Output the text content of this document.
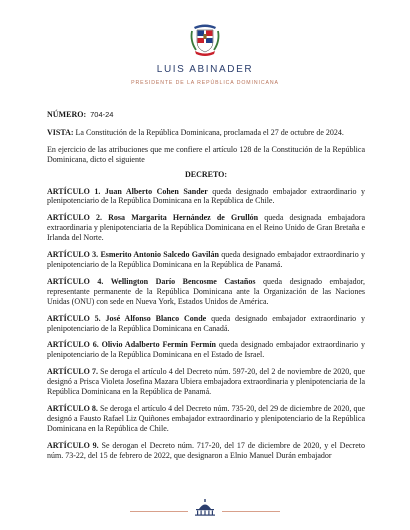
LUIS ABINADER
PRESIDENTE DE LA REPÚBLICA DOMINICANA

NÚMERO: 704-24

VISTA: La Constitución de la República Dominicana, proclamada el 27 de octubre de 2024.

En ejercicio de las atribuciones que me confiere el artículo 128 de la Constitución de la República Dominicana, dicto el siguiente

DECRETO:

ARTÍCULO 1. Juan Alberto Cohen Sander queda designado embajador extraordinario y plenipotenciario de la República Dominicana en la República de Chile.

ARTÍCULO 2. Rosa Margarita Hernández de Grullón queda designada embajadora extraordinaria y plenipotenciaria de la República Dominicana en el Reino Unido de Gran Bretaña e Irlanda del Norte.

ARTÍCULO 3. Esmerito Antonio Salcedo Gavilán queda designado embajador extraordinario y plenipotenciario de la República Dominicana en la República de Panamá.

ARTÍCULO 4. Wellington Darío Bencosme Castaños queda designado embajador, representante permanente de la República Dominicana ante la Organización de las Naciones Unidas (ONU) con sede en Nueva York, Estados Unidos de América.

ARTÍCULO 5. José Alfonso Blanco Conde queda designado embajador extraordinario y plenipotenciario de la República Dominicana en Canadá.

ARTÍCULO 6. Olivio Adalberto Fermín Fermín queda designado embajador extraordinario y plenipotenciario de la República Dominicana en el Estado de Israel.

ARTÍCULO 7. Se deroga el artículo 4 del Decreto núm. 597-20, del 2 de noviembre de 2020, que designó a Prisca Violeta Josefina Mazara Ubiera embajadora extraordinaria y plenipotenciaria de la República Dominicana en la República de Panamá.

ARTÍCULO 8. Se deroga el artículo 4 del Decreto núm. 735-20, del 29 de diciembre de 2020, que designó a Fausto Rafael Liz Quiñones embajador extraordinario y plenipotenciario de la República Dominicana en la República de Chile.

ARTÍCULO 9. Se derogan el Decreto núm. 717-20, del 17 de diciembre de 2020, y el Decreto núm. 73-22, del 15 de febrero de 2022, que designaron a Elnio Manuel Durán embajador
